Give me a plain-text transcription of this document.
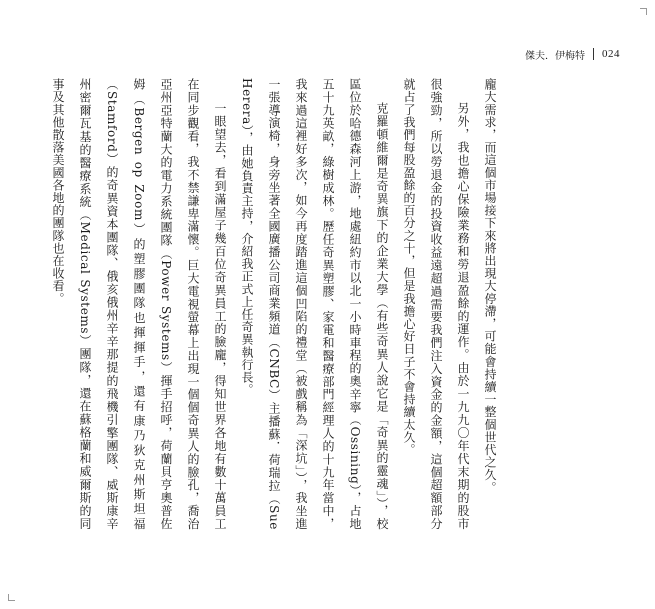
傑夫．伊梅特 024

龐大需求，而這個市場接下來將出現大停滯，可能會持續一整個世代之久。

另外，我也擔心保險業務和勞退盈餘的運作。由於一九九〇年代末期的股市很強勁，所以勞退金的投資收益遠超過需要我們注入資金的金額，這個超額部分就占了我們每股盈餘的百分之十，但是我擔心好日子不會持續太久。

克羅頓維爾是奇異旗下的企業大學（有些奇異人說它是「奇異的靈魂」），校區位於哈德森河上游，地處紐約市以北一小時車程的奧辛寧（Ossining），占地五十九英畝，綠樹成林。歷任奇異塑膠、家電和醫療部門經理人的十九年當中，我來過這裡好多次，如今再度踏進這個凹陷的禮堂（被戲稱為「深坑」），我坐進一張導演椅，身旁坐著全國廣播公司商業頻道（CNBC）主播蘇．荷瑞拉（Sue Herera），由她負責主持，介紹我正式上任奇異執行長。

一眼望去，看到滿屋子幾百位奇異員工的臉龐，得知世界各地有數十萬員工在同步觀看，我不禁謙卑滿懷。巨大電視螢幕上出現一個個奇異人的臉孔，喬治亞州亞特蘭大的電力系統團隊（Power Systems）揮手招呼，荷蘭貝亨奧普佐姆（Bergen op Zoom）的塑膠團隊也揮揮手，還有康乃狄克州斯坦福（Stamford）的奇異資本團隊、俄亥俄州辛辛那提的飛機引擎團隊、威斯康辛州密爾瓦基的醫療系統（Medical Systems）團隊，還在蘇格蘭和威爾斯的同事及其他散落美國各地的團隊也在收看。
